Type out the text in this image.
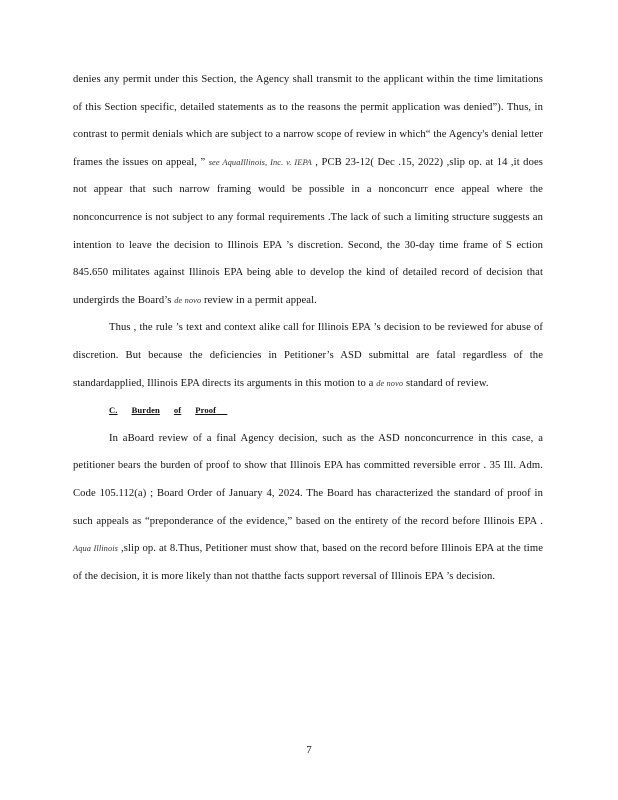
denies any permit under this Section, the Agency shall transmit to the applicant within the time limitations of this Section specific, detailed statements as to the reasons the permit application was denied”). Thus, in contrast to permit denials which are subject to a narrow scope of review in which“ the Agency's denial letter frames the issues on appeal, ” see AquaIllinois, Inc. v. IEPA , PCB 23-12( Dec .15, 2022) ,slip op. at 14 ,it does not appear that such narrow framing would be possible in a nonconcurr ence appeal where the nonconcurrence is not subject to any formal requirements .The lack of such a limiting structure suggests an intention to leave the decision to Illinois EPA ’s discretion. Second, the 30-day time frame of S ection 845.650 militates against Illinois EPA being able to develop the kind of detailed record of decision that undergirds the Board’s de novo review in a permit appeal.

Thus , the rule ’s text and context alike call for Illinois EPA ’s decision to be reviewed for abuse of discretion. But because the deficiencies in Petitioner’s ASD submittal are fatal regardless of the standardapplied, Illinois EPA directs its arguments in this motion to a de novo standard of review.

C. Burden of Proof

In aBoard review of a final Agency decision, such as the ASD nonconcurrence in this case, a petitioner bears the burden of proof to show that Illinois EPA has committed reversible error . 35 Ill. Adm. Code 105.112(a) ; Board Order of January 4, 2024. The Board has characterized the standard of proof in such appeals as “preponderance of the evidence,” based on the entirety of the record before Illinois EPA . Aqua Illinois ,slip op. at 8.Thus, Petitioner must show that, based on the record before Illinois EPA at the time of the decision, it is more likely than not thatthe facts support reversal of Illinois EPA ’s decision.

7
